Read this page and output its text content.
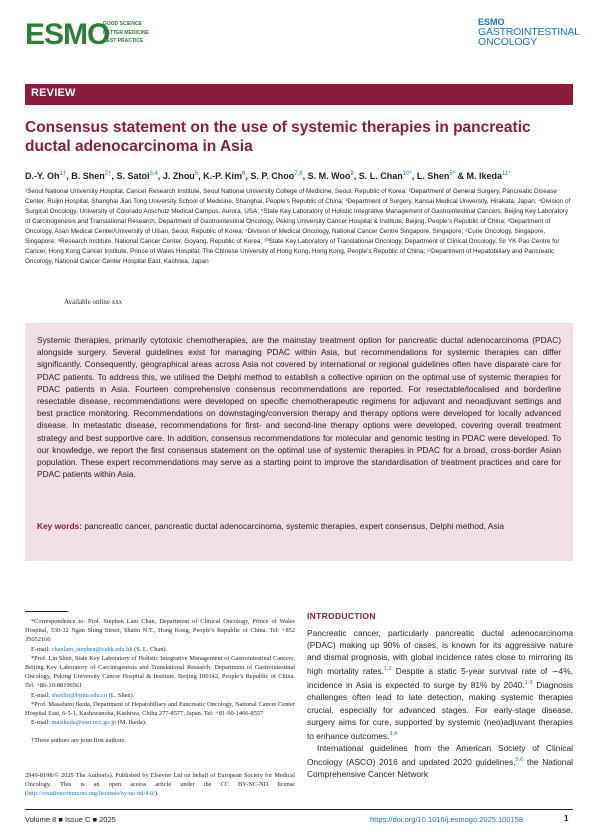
ESMO
GOOD SCIENCE
BETTER MEDICINE
BEST PRACTICE
ESMO
GASTROINTESTINAL
ONCOLOGY
REVIEW
Consensus statement on the use of systemic therapies in pancreatic ductal adenocarcinoma in Asia
D.-Y. $Oh^{1\dagger}$, B. Shen$^{2\dagger}$, S. Satoi$^{3,4}$, J. Zhou$^5$, K.-P. Kim$^6$, S. P. Choo$^{7,8}$, S. M. Woo$^9$, S. L. Chan$^{10*}$, L. Shen$^{5*}$ & M. Ikeda$^{11*}$
¹Seoul National University Hospital, Cancer Research Institute, Seoul National University College of Medicine, Seoul, Republic of Korea; ²Department of General Surgery, Pancreatic Disease Center, Ruijin Hospital, Shanghai Jiao Tong University School of Medicine, Shanghai, People’s Republic of China; ³Department of Surgery, Kansai Medical University, Hirakata, Japan; ⁴Division of Surgical Oncology, University of Colorado Anschutz Medical Campus, Aurora, USA; ⁵State Key Laboratory of Holistic Integrative Management of Gastrointestinal Cancers, Beijing Key Laboratory of Carcinogenesis and Translational Research, Department of Gastrointestinal Oncology, Peking University Cancer Hospital & Institute, Beijing, People’s Republic of China; ⁶Department of Oncology, Asan Medical Center/University of Ulsan, Seoul, Republic of Korea; ⁷Division of Medical Oncology, National Cancer Centre Singapore, Singapore; ⁸Curie Oncology, Singapore, Singapore; ⁹Research Institute, National Cancer Center, Goyang, Republic of Korea; ¹⁰State Key Laboratory of Translational Oncology, Department of Clinical Oncology, Sir YK Pao Centre for Cancer, Hong Kong Cancer Institute, Prince of Wales Hospital, The Chinese University of Hong Kong, Hong Kong, People’s Republic of China; ¹¹Department of Hepatobiliary and Pancreatic Oncology, National Cancer Center Hospital East, Kashiwa, Japan
Available online xxx
Systemic therapies, primarily cytotoxic chemotherapies, are the mainstay treatment option for pancreatic ductal adenocarcinoma (PDAC) alongside surgery. Several guidelines exist for managing PDAC within Asia, but recommendations for systemic therapies can differ significantly. Consequently, geographical areas across Asia not covered by international or regional guidelines often have disparate care for PDAC patients. To address this, we utilised the Delphi method to establish a collective opinion on the optimal use of systemic therapies for PDAC patients in Asia. Fourteen comprehensive consensus recommendations are reported. For resectable/localised and borderline resectable disease, recommendations were developed on specific chemotherapeutic regimens for adjuvant and neoadjuvant settings and best practice monitoring. Recommendations on downstaging/conversion therapy and therapy options were developed for locally advanced disease. In metastatic disease, recommendations for first- and second-line therapy options were developed, covering overall treatment strategy and best supportive care. In addition, consensus recommendations for molecular and genomic testing in PDAC were developed. To our knowledge, we report the first consensus statement on the optimal use of systemic therapies in PDAC for a broad, cross-border Asian population. These expert recommendations may serve as a starting point to improve the standardisation of treatment practices and care for PDAC patients within Asia.
Key words: pancreatic cancer, pancreatic ductal adenocarcinoma, systemic therapies, expert consensus, Delphi method, Asia

*Correspondence to: Prof. Stephen Lam Chan, Department of Clinical Oncology, Prince of Wales Hospital, 330-32 Ngan Shing Street, Shatin N.T., Hong Kong, People’s Republic of China. Tel: +852 35052166

E-mail: chanlam_stephen@cuhk.edu.hk (S. L. Chan).

*Prof. Lin Shen, State Key Laboratory of Holistic Integrative Management of Gastrointestinal Cancers, Beijing Key Laboratory of Carcinogenesis and Translational Research, Department of Gastrointestinal Oncology, Peking University Cancer Hospital & Institute, Beijing 100142, People’s Republic of China. Tel: +86-10-88196561

E-mail: shenlin@bjmu.edu.cn (L. Shen).

*Prof. Masafumi Ikeda, Department of Hepatobiliary and Pancreatic Oncology, National Cancer Center Hospital East, 6-5-1, Kashiwanoha, Kashiwa, Chiba 277-8577, Japan. Tel: +81-90-1466-8557

E-mail: masikeda@east.ncc.go.jp (M. Ikeda).

†These authors are joint first authors.

2949-8198/© 2025 The Author(s). Published by Elsevier Ltd on behalf of European Society for Medical Oncology. This is an open access article under the CC BY-NC-ND license (http://creativecommons.org/licenses/by-nc-nd/4.0/).
INTRODUCTION

Pancreatic cancer, particularly pancreatic ductal adenocarcinoma (PDAC) making up 90% of cases, is known for its aggressive nature and dismal prognosis, with global incidence rates close to mirroring its high mortality rates.$^{1,2}$ Despite a static 5-year survival rate of ∼4%, incidence in Asia is expected to surge by 81% by 2040.$^{1-3}$ Diagnosis challenges often lead to late detection, making systemic therapies crucial, especially for advanced stages. For early-stage disease, surgery aims for cure, supported by systemic (neo)adjuvant therapies to enhance outcomes.$^{3,4}$

International guidelines from the American Society of Clinical Oncology (ASCO) 2016 and updated 2020 guidelines,$^{5,6}$ the National Comprehensive Cancer Network

Volume 8 ■ Issue C ■ 2025	https://doi.org/10.1016/j.esmogo.2025.100158	1
